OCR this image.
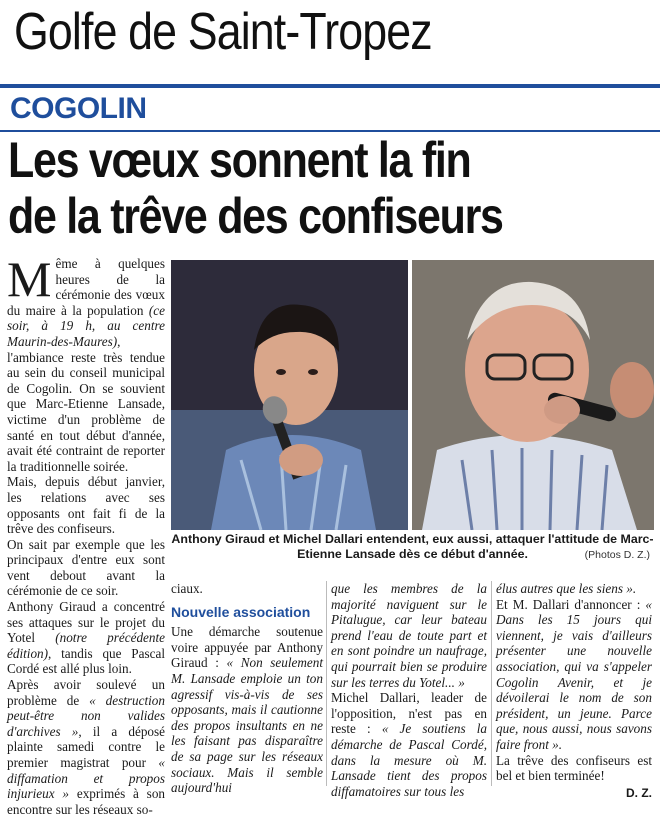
Golfe de Saint-Tropez
COGOLIN
Les vœux sonnent la fin
de la trêve des confiseurs

Même à quelques heures de la cérémonie des vœux du maire à la population (ce soir, à 19 h, au centre Maurin-des-Maures), l'ambiance reste très tendue au sein du conseil municipal de Cogolin. On se souvient que Marc-Etienne Lansade, victime d'un problème de santé en tout début d'année, avait été contraint de reporter la traditionnelle soirée.

Mais, depuis début janvier, les relations avec ses opposants ont fait fi de la trêve des confiseurs.

On sait par exemple que les principaux d'entre eux sont vent debout avant la cérémonie de ce soir.

Anthony Giraud a concentré ses attaques sur le projet du Yotel (notre précédente édition), tandis que Pascal Cordé est allé plus loin.

Après avoir soulevé un problème de « destruction peut-être non valides d'archives », il a déposé plainte samedi contre le premier magistrat pour « diffamation et propos injurieux » exprimés à son encontre sur les réseaux so-

Anthony Giraud et Michel Dallari entendent, eux aussi, attaquer l'attitude de Marc-Etienne Lansade dès ce début d'année.	(Photos D. Z.)

ciaux.

Nouvelle association

Une démarche soutenue voire appuyée par Anthony Giraud : « Non seulement M. Lansade emploie un ton agressif vis-à-vis de ses opposants, mais il cautionne des propos insultants en ne les faisant pas disparaître de sa page sur les réseaux sociaux. Mais il semble aujourd'hui

que les membres de la majorité naviguent sur le Pitalugue, car leur bateau prend l'eau de toute part et en sont poindre un naufrage, qui pourrait bien se produire sur les terres du Yotel... »

Michel Dallari, leader de l'opposition, n'est pas en reste : « Je soutiens la démarche de Pascal Cordé, dans la mesure où M. Lansade tient des propos diffamatoires sur tous les

élus autres que les siens ».

Et M. Dallari d'annoncer : « Dans les 15 jours qui viennent, je vais d'ailleurs présenter une nouvelle association, qui va s'appeler Cogolin Avenir, et je dévoilerai le nom de son président, un jeune. Parce que, nous aussi, nous savons faire front ».

La trêve des confiseurs est bel et bien terminée!

D. Z.
